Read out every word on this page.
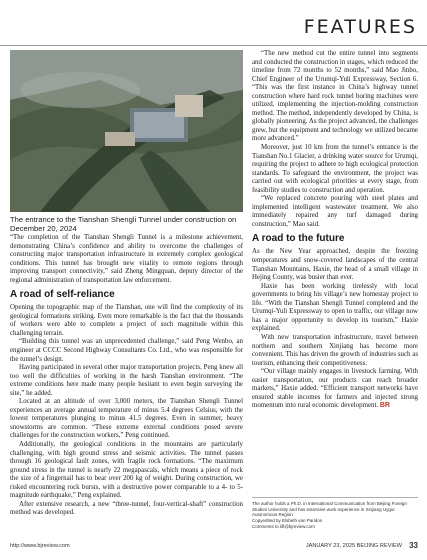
FEATURES
The entrance to the Tianshan Shengli Tunnel under construction on December 20, 2024

“The completion of the Tianshan Shengli Tunnel is a milestone achievement, demonstrating China’s confidence and ability to overcome the challenges of constructing major transportation infrastructure in extremely complex geological conditions. This tunnel has brought new vitality to remote regions through improving transport connectivity,” said Zheng Mingquan, deputy director of the regional administration of transportation law enforcement.

A road of self-reliance

Opening the topographic map of the Tianshan, one will find the complexity of its geological formations striking. Even more remarkable is the fact that the thousands of workers were able to complete a project of such magnitude within this challenging terrain.

“Building this tunnel was an unprecedented challenge,” said Peng Wenbo, an engineer at CCCC Second Highway Consultants Co. Ltd., who was responsible for the tunnel’s design.

Having participated in several other major transportation projects, Peng knew all too well the difficulties of working in the harsh Tianshan environment. “The extreme conditions here made many people hesitant to even begin surveying the site,” he added.

Located at an altitude of over 3,000 meters, the Tianshan Shengli Tunnel experiences an average annual temperature of minus 5.4 degrees Celsius, with the lowest temperatures plunging to minus 41.5 degrees. Even in summer, heavy snowstorms are common. “These extreme external conditions posed severe challenges for the construction workers,” Peng continued.

Additionally, the geological conditions in the mountains are particularly challenging, with high ground stress and seismic activities. The tunnel passes through 16 geological fault zones, with fragile rock formations. “The maximum ground stress in the tunnel is nearly 22 megapascals, which means a piece of rock the size of a fingernail has to bear over 200 kg of weight. During construction, we risked encountering rock bursts, with a destructive power comparable to a 4- to 5-magnitude earthquake,” Peng explained.

After extensive research, a new “three-tunnel, four-vertical-shaft” construction method was developed.

“The new method cut the entire tunnel into segments and conducted the construction in stages, which reduced the timeline from 72 months to 52 months,” said Mao Jinbo, Chief Engineer of the Urumqi-Yuli Expressway, Section 6. “This was the first instance in China’s highway tunnel construction where hard rock tunnel boring machines were utilized, implementing the injection-molding construction method. The method, independently developed by China, is globally pioneering. As the project advanced, the challenges grew, but the equipment and technology we utilized became more advanced.”

Moreover, just 10 km from the tunnel’s entrance is the Tianshan No.1 Glacier, a drinking water source for Urumqi, requiring the project to adhere to high ecological protection standards. To safeguard the environment, the project was carried out with ecological priorities at every stage, from feasibility studies to construction and operation.

“We replaced concrete pouring with steel plates and implemented intelligent wastewater treatment. We also immediately repaired any turf damaged during construction,” Mao said.

A road to the future

As the New Year approached, despite the freezing temperatures and snow-covered landscapes of the central Tianshan Mountains, Haxie, the head of a small village in Hejing County, was busier than ever.

Haxie has been working tirelessly with local governments to bring his village’s new homestay project to life. “With the Tianshan Shengli Tunnel completed and the Urumqi-Yuli Expressway to open to traffic, our village now has a major opportunity to develop its tourism,” Haxie explained.

With new transportation infrastructure, travel between northern and southern Xinjiang has become more convenient. This has driven the growth of industries such as tourism, enhancing their competitiveness.

“Our village mainly engages in livestock farming. With easier transportation, our products can reach broader markets,” Haxie added. “Efficient transport networks have ensured stable incomes for farmers and injected strong momentum into rural economic development. BR

The author holds a Ph.D. in International Communication from Beijing Foreign Studies University and has extensive work experience in Xinjiang Uygur Autonomous Region
Copyedited by Elsbeth van Paridon
Comments to lifl@bjreview.com
http://www.bjreview.com	JANUARY 23, 2025 BEIJING REVIEW 33
